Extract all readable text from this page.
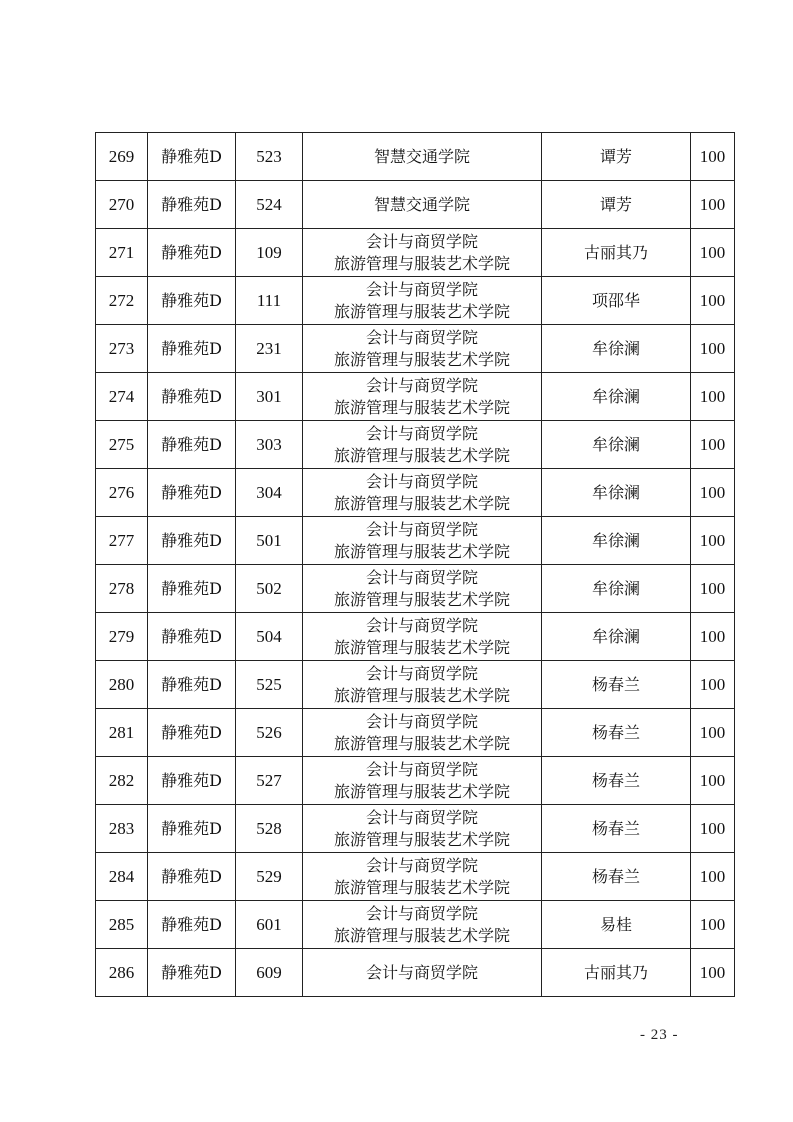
269	静雅苑D	523	智慧交通学院	谭芳	100
270	静雅苑D	524	智慧交通学院	谭芳	100
271	静雅苑D	109	会计与商贸学院
旅游管理与服装艺术学院	古丽其乃	100
272	静雅苑D	111	会计与商贸学院
旅游管理与服装艺术学院	项邵华	100
273	静雅苑D	231	会计与商贸学院
旅游管理与服装艺术学院	牟徐澜	100
274	静雅苑D	301	会计与商贸学院
旅游管理与服装艺术学院	牟徐澜	100
275	静雅苑D	303	会计与商贸学院
旅游管理与服装艺术学院	牟徐澜	100
276	静雅苑D	304	会计与商贸学院
旅游管理与服装艺术学院	牟徐澜	100
277	静雅苑D	501	会计与商贸学院
旅游管理与服装艺术学院	牟徐澜	100
278	静雅苑D	502	会计与商贸学院
旅游管理与服装艺术学院	牟徐澜	100
279	静雅苑D	504	会计与商贸学院
旅游管理与服装艺术学院	牟徐澜	100
280	静雅苑D	525	会计与商贸学院
旅游管理与服装艺术学院	杨春兰	100
281	静雅苑D	526	会计与商贸学院
旅游管理与服装艺术学院	杨春兰	100
282	静雅苑D	527	会计与商贸学院
旅游管理与服装艺术学院	杨春兰	100
283	静雅苑D	528	会计与商贸学院
旅游管理与服装艺术学院	杨春兰	100
284	静雅苑D	529	会计与商贸学院
旅游管理与服装艺术学院	杨春兰	100
285	静雅苑D	601	会计与商贸学院
旅游管理与服装艺术学院	易桂	100
286	静雅苑D	609	会计与商贸学院	古丽其乃	100
- 23 -
